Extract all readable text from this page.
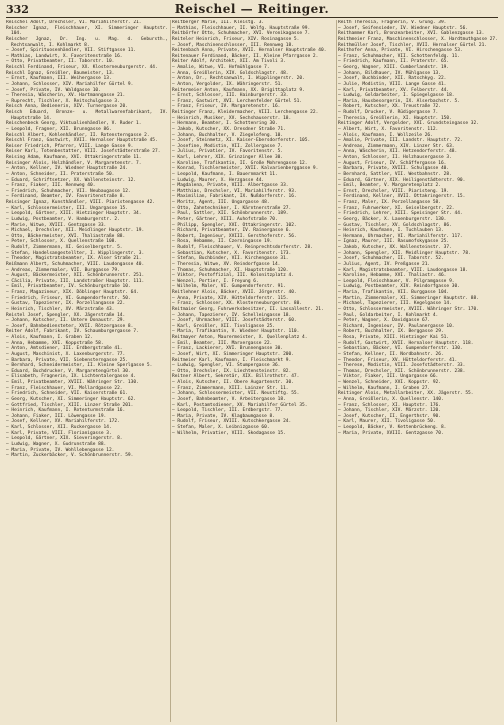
332	Reischel — Reitinger.

Reischel Adolf, Drechsler, VI. Mariahilferstr. 21.

Reischer Ignaz, Fleischhauer, XI. Simmeringer Hauptstr. 104.

Reischer Jgnaz, Dr. Ing. u. Mag. d. Gebursth., Rechtsanwalt, I. Kohlmarkt 8.

— Josef, Spirituosenhändler, VII. Stiftgasse 11.

— Mathias, Landwirt, X. Favoritenstraße 16.

— Otto, Privatbeamter, II. Taborstr. 10.

Reischl Ferdinand, Friseur, XX. Klosterneuburgerstr. 44.

Reischl Ignaz, Greißler, Baumeister, 13.

— Ernst, Kaufmann, III. Weihergasse 13.

— Johann, Schlosser, XIV. Mariahilfer Gürtel 9.

— Josef, Private, IV. Waldgasse 10.

— Theresia, Wäscherin, XV. Hartmanngasse 21.

— Ruprecht, Tischler, X. Reitschulgasse 3.

Reisch Anna, Bedienerin, XIV. Turnergasse 20.

Reisch Eduard, Bronze- u. Metallwarenfabrikant, IV. Hauptstraße 14.

Reischenbeck Georg, Viktualienhändler, V. Ruder 1.

— Leopold, Fragner, XII. Brunngasse 86.

Reischl Albert, Kohlenhändler, II. Rotensterngasse 2.

Reischl Franz, Gastwirt, XVII. Hernalser Hauptstraße 45.

Reiser Friedrich, Pfarrer, VIII. Lange Gasse 9.

Reiser Karl, Totenbestatter, VIII. Josefstädterstraße 27.

Reising Adam, Kaufmann, XVI. Ottakringerstraße 11.

Reisinger Alois, Holzhändler, V. Margaretenstr. 7.

— Anton, Kellner, IV. Wiedner Hauptstraße 24.

— Anton, Schneider, II. Praterstraße 50.

— Eduard, Schriftsetzer, XX. Wallensteinstr. 12.

— Franz, Fiaker, III. Rennweg 40.

— Friedrich, Schuhmacher, VII. Neubaugasse 12.

— Ferdinand, Beamter, IV. Favoritenstraße 8.

Reisinger Ignaz, Kunsthändler, VIII. Piaristengasse 42.

— Karl, Schlossermeister, III. Ungargasse 15.

— Leopold, Gärtner, XIII. Hietzinger Hauptstr. 34.

— Ludwig, Postbeamter, V. Hamburgerstr. 2.

— Marie, Witwe, XVIII. Gentzgasse 33.

— Michael, Drechsler, XII. Meidlinger Hauptstr. 19.

— Otto, Bäckermeister, XVI. Thaliastraße 88.

— Peter, Schlosser, X. Quellenstraße 108.

— Rudolf, Zimmermann, XI. Geiselbergstr. 5.

— Stefan, Handelsangestellter, I. Wipplingerstr. 3.

— Theodor, Magistratsbeamter, IX. Alser Straße 21.

Reißmann Albert, Schuhmacher, VIII. Laudongasse 40.

— Andreas, Zimmermaler, VII. Burggasse 79.

— August, Bäckermeister, XII. Schönbrunnerstr. 251.

— Cäcilia, Private, III. Landstraßer Hauptstr. 111.

— Emil, Privatbeamter, IV. Schönburgstraße 10.

— Franz, Magazineur, XIX. Döblinger Hauptstr. 64.

— Friedrich, Friseur, VI. Gumpendorferstr. 50.

— Gustav, Tapezierer, IX. Porzellangasse 22.

— Heinrich, Tischler, XV. Märzstraße 43.

Reistel Josef, Spengler, XX. Jägerstraße 14.

— Johann, Kutscher, II. Untere Donaustr. 29.

— Josef, Bahnbediensteter, XVII. Rötzergasse 8.

Reiter Adolf, Fabrikant, IV. Schaumburgergasse 7.

— Alois, Kaufmann, I. Graben 12.

— Anna, Hebamme, XVI. Koppstraße 58.

— Anton, Amtsdiener, III. Erdbergstraße 41.

— August, Maschinist, X. Laxenburgerstr. 77.

— Barbara, Private, VII. Siebensterngasse 25.

— Bernhard, Schneidermeister, II. Kleine Sperlgasse 5.

— Eduard, Buchdrucker, V. Margaretengürtel 30.

— Elisabeth, Fragnerin, IX. Lichtentalergasse 4.

— Emil, Privatbeamter, XVIII. Währinger Str. 130.

— Franz, Fleischhauer, VI. Mollardgasse 22.

— Friedrich, Schneider, VII. Kaiserstraße 61.

— Georg, Kutscher, XI. Simmeringer Hauptstr. 62.

— Gottfried, Tischler, XIII. Linzer Straße 201.

— Heinrich, Kaufmann, I. Rotenturmstraße 16.

— Johann, Fiaker, III. Löwengasse 19.

— Josef, Kellner, XV. Mariahilferstr. 172.

— Karl, Schlosser, XII. Ruckergasse 14.

— Karl, Private, VIII. Florianigasse 3.

— Leopold, Gärtner, XIX. Sieveringerstr. 8.

— Ludwig, Wagner, X. Gudrunstraße 88.

— Maria, Private, IV. Wohllebengasse 12.

— Martin, Zuckerbäcker, V. Schönbrunnerstr. 59.

Reitberger Marie, III. Kleistg. 3.

— Mathias, Fleischhauer, II. Wolfg. Hauptstraße 99.

Reitbörfer Otto, Schuhmacher, XVI. Veronikagasse 7.

Reiteler Heinrich, Friseur, XIV. Rosinagasse 5.

— Josef, Maschinenschlosser, III. Rennweg 18.

Reitenbach Anna, Private, XVII. Hernalser Hauptstraße 40.

Reitenauer Ferdinand, Bäcker, II. Kleine Pfarrgasse 2.

Reiter Adolf, Architekt, XII. Am Tivoli 3.

— Amalie, Witwe, VI. Hofmühlgasse 7.

— Anna, Greißlerin, XIV. Goldschlagstr. 48.

— Anton, Dr., Rechtsanwalt, I. Wipplingerstr. 20.

— Anton, Vergolder, IX. Währingerstr. 51.

Reitermeier Anton, Kaufmann, XX. Brigittaplatz 9.

— Ernst, Schlosser, III. Hainburgerstr. 33.

— Franz, Gastwirt, XVI. Lerchenfelder Gürtel 51.

— Franz, Friseur, IV. Margaretenstr. 16.

Reitinger Franz, Kleidermacher, VIII. Lerchengasse 22.

— Heinrich, Musiker, XV. Sechshauserstr. 18.

— Hermann, Beamter, I. Schottenring 30.

— Jakob, Kutscher, XX. Dresdner Straße 71.

— Johann, Buchhalter, V. Ziegelofeng. 10.

— Josef, Steinmetz, XI. Kaiser-Ebersdorferstr. 105.

— Josefine, Modistin, VII. Zollergasse 7.

— Julius, Privatier, IV. Favoritenstr. 5.

— Karl, Lehrer, XIX. Grinzinger Allee 30.

— Karoline, Trafikantin, II. Große Mohrengasse 12.

— Konrad, Tischlermeister, XVII. Kalvarienberggasse 9.

— Leopold, Kaufmann, I. Bauernmarkt 11.

— Ludwig, Maurer, X. Herzgasse 44.

— Magdalena, Private, VIII. Albertgasse 33.

— Matthias, Drechsler, VI. Mariahilferstr. 93.

— Maximilian, Fabrikant, IX. Nußdorferstr. 16.

— Moritz, Agent, III. Ungargasse 48.

— Otto, Zahntechniker, I. Kärntnerstraße 27.

— Paul, Sattler, XII. Schönbrunnerstr. 189.

— Peter, Gärtner, XIII. Auhofstraße 70.

— Philipp, Spengler, XVI. Ottakringerstr. 102.

— Richard, Privatbeamter, IV. Rainergasse 6.

— Robert, Ingenieur, XVIII. Gersthoferstr. 56.

— Rosa, Hebamme, II. Czerningasse 19.

— Rudolf, Fleischhauer, V. Reinprechtsdorferstr. 28.

— Sebastian, Kutscher, X. Favoritenstr. 173.

— Stefan, Buchbinder, VII. Kirchengasse 31.

— Theresia, Witwe, XV. Reindorfgasse 14.

— Thomas, Schuhmacher, XI. Hauptstraße 120.

— Viktor, Postoffizial, III. Kolonitzplatz 4.

— Wenzel, Portier, I. Freyung 6.

— Wilhelm, Maler, VI. Gumpendorferstr. 91.

Reitlehner Alois, Bäcker, XVII. Jörgerstr. 40.

— Anna, Private, XIV. Hütteldorferstr. 115.

— Franz, Schlosser, XX. Klosterneuburgerstr. 80.

Reitmaier Georg, Fuhrwerksbesitzer, II. Lassallestr. 21.

— Johann, Tapezierer, IV. Schelleingasse 18.

— Josef, Uhrmacher, VIII. Josefstädterstr. 60.

— Karl, Greißler, XII. Tivoligasse 25.

— Maria, Trafikantin, V. Wiedner Hauptstr. 110.

Reitmayer Anton, Maurermeister, X. Quellenplatz 4.

— Emil, Beamter, III. Marxergasse 22.

— Franz, Lackierer, XVI. Brunnengasse 30.

— Josef, Wirt, XI. Simmeringer Hauptstr. 200.

Reitmeier Karl, Kaufmann, I. Fleischmarkt 9.

— Ludwig, Spengler, VI. Stumpergasse 36.

— Otto, Drechsler, IX. Liechtensteinstr. 82.

Reitner Albert, Sekretär, XIX. Billrothstr. 47.

— Alois, Kutscher, II. Obere Augartenstr. 30.

— Franz, Zimmermann, XIII. Lainzer Str. 11.

— Johann, Schlossermeister, VII. Neustiftg. 55.

— Josef, Bahnbeamter, V. Arbeitergasse 18.

— Karl, Postamtsdiener, XV. Mariahilfer Gürtel 35.

— Leopold, Tischler, III. Erdbergstr. 77.

— Maria, Private, IV. Klagbaumgasse 8.

— Rudolf, Friseur, XVIII. Kutschkergasse 24.

— Stefan, Maler, X. Leibnizgasse 60.

— Wilhelm, Privatier, VIII. Skodagasse 15.

Reith Theresia, Fragnerin, V. Grüng. 39.

— Josef, Seifensieder, IV. Wiedner Hauptstr. 56.

Reithammer Karl, Bronzearbeiter, XVI. Gablenzgasse 13.

Reithmeier Franz, Maschinenschlosser, X. Hardtmuthgasse 27.

Reithmüller Josef, Tischler, XVII. Hernalser Gürtel 21.

Reithofer Anna, Private, VI. Hirschengasse 53.

— Franz, Schuhmacher, VII. Schottenfeldg. 11.

— Friedrich, Kaufmann, II. Praterstr. 65.

— Georg, Wagner, XIII. Cumberlandstr. 19.

— Johann, Bildhauer, IV. Mühlgasse 13.

— Josef, Buchbinder, XII. Ratschkyg. 22.

— Julie, Modistin, VIII. Lange Gasse 41.

— Karl, Privatbeamter, XV. Felberstr. 44.

— Ludwig, Goldarbeiter, I. Spiegelgasse 18.

— Maria, Hausbesorgerin, IX. Alserbachstr. 5.

— Robert, Kutscher, XX. Treustraße 72.

— Rudolf, Drucker, V. Rüdigergasse 7.

— Theresia, Greißlerin, XI. Hauptstr. 150.

Reitinger Adolf, Vergolder, XVI. Grundsteingasse 32.

— Albert, Wirt, X. Favoritenstr. 112.

— Alois, Kaufmann, I. Wollzeile 26.

— Amalie, Private, III. Landstr. Hauptstr. 72.

— Andreas, Zimmermann, XIV. Linzer Str. 63.

— Anna, Wäscherin, XII. Hetzendorferstr. 48.

— Anton, Schlosser, II. Holzhausergasse 3.

— August, Friseur, IV. Schäffergasse 16.

— Barbara, Private, XVIII. Schulgasse 40.

— Bernhard, Sattler, VII. Westbahnstr. 28.

— Eduard, Gärtner, XIX. Heiligenstädterstr. 90.

— Emil, Beamter, V. Margaretenplatz 2.

— Ernst, Drechsler, VIII. Piaristeng. 19.

— Ferdinand, Kellner, XVII. Ottakringerstr. 15.

— Franz, Maler, IX. Porzellangasse 58.

— Franz, Fuhrwerker, XI. Geiselbergstr. 22.

— Friedrich, Lehrer, XIII. Speisinger Str. 44.

— Georg, Bäcker, X. Laxenburgerstr. 130.

— Gustav, Tischler, XV. Goldschlagstr. 86.

— Heinrich, Kaufmann, I. Tuchlauben 13.

— Hermann, Uhrmacher, VI. Mariahilferstr. 117.

— Ignaz, Maurer, III. Rasumofskygasse 25.

— Jakob, Kutscher, XX. Wallensteinstr. 37.

— Johann, Spengler, XII. Meidlinger Hauptstr. 78.

— Josef, Schuhmacher, II. Taborstr. 52.

— Julius, Agent, IV. Preßgasse 21.

— Karl, Magistratsbeamter, VIII. Laudongasse 18.

— Karoline, Hebamme, XVI. Thaliastr. 46.

— Leopold, Fleischhauer, V. Pilgramgasse 9.

— Ludwig, Postbeamter, XIV. Reindorfgasse 30.

— Maria, Trafikantin, VII. Burggasse 104.

— Martin, Zimmermaler, XI. Simmeringer Hauptstr. 88.

— Michael, Tapezierer, III. Kegelgasse 14.

— Otto, Schlossermeister, XVIII. Währinger Str. 170.

— Paul, Goldarbeiter, I. Kohlmarkt 4.

— Peter, Wagner, X. Davidgasse 67.

— Richard, Ingenieur, IV. Paulanergasse 10.

— Robert, Buchhalter, IX. Berggasse 29.

— Rosa, Private, XIII. Hietzinger Kai 51.

— Rudolf, Gastwirt, XVII. Hernalser Hauptstr. 118.

— Sebastian, Bäcker, VI. Gumpendorferstr. 130.

— Stefan, Kellner, II. Nordbahnstr. 26.

— Theodor, Friseur, XV. Hütteldorferstr. 41.

— Therese, Modistin, VIII. Josefstädterstr. 33.

— Thomas, Drechsler, XII. Schönbrunnerstr. 238.

— Viktor, Fiaker, III. Ungargasse 66.

— Wenzel, Schneider, XVI. Koppstr. 92.

— Wilhelm, Kaufmann, I. Graben 27.

Reitinger Alois, Metallarbeiter, XX. Jägerstr. 55.

— Anna, Greißlerin, X. Quellenstr. 140.

— Franz, Schlosser, XI. Hauptstr. 176.

— Johann, Tischler, XIV. Märzstr. 120.

— Josef, Kutscher, II. Engerthstr. 90.

— Karl, Maurer, XII. Tivoligasse 50.

— Leopold, Bäcker, V. Kettenbrückeng. 8.

— Maria, Private, XVIII. Gentzgasse 70.
